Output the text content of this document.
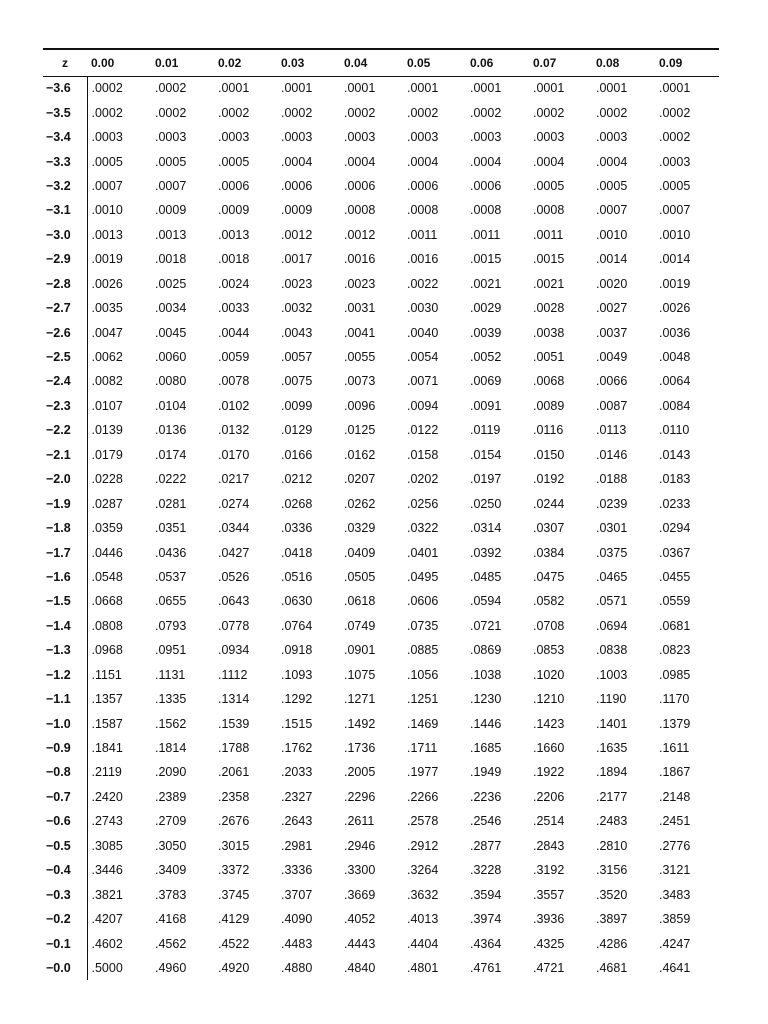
z	0.00	0.01	0.02	0.03	0.04	0.05	0.06	0.07	0.08	0.09
−3.6	.0002	.0002	.0001	.0001	.0001	.0001	.0001	.0001	.0001	.0001
−3.5	.0002	.0002	.0002	.0002	.0002	.0002	.0002	.0002	.0002	.0002
−3.4	.0003	.0003	.0003	.0003	.0003	.0003	.0003	.0003	.0003	.0002
−3.3	.0005	.0005	.0005	.0004	.0004	.0004	.0004	.0004	.0004	.0003
−3.2	.0007	.0007	.0006	.0006	.0006	.0006	.0006	.0005	.0005	.0005
−3.1	.0010	.0009	.0009	.0009	.0008	.0008	.0008	.0008	.0007	.0007
−3.0	.0013	.0013	.0013	.0012	.0012	.0011	.0011	.0011	.0010	.0010
−2.9	.0019	.0018	.0018	.0017	.0016	.0016	.0015	.0015	.0014	.0014
−2.8	.0026	.0025	.0024	.0023	.0023	.0022	.0021	.0021	.0020	.0019
−2.7	.0035	.0034	.0033	.0032	.0031	.0030	.0029	.0028	.0027	.0026
−2.6	.0047	.0045	.0044	.0043	.0041	.0040	.0039	.0038	.0037	.0036
−2.5	.0062	.0060	.0059	.0057	.0055	.0054	.0052	.0051	.0049	.0048
−2.4	.0082	.0080	.0078	.0075	.0073	.0071	.0069	.0068	.0066	.0064
−2.3	.0107	.0104	.0102	.0099	.0096	.0094	.0091	.0089	.0087	.0084
−2.2	.0139	.0136	.0132	.0129	.0125	.0122	.0119	.0116	.0113	.0110
−2.1	.0179	.0174	.0170	.0166	.0162	.0158	.0154	.0150	.0146	.0143
−2.0	.0228	.0222	.0217	.0212	.0207	.0202	.0197	.0192	.0188	.0183
−1.9	.0287	.0281	.0274	.0268	.0262	.0256	.0250	.0244	.0239	.0233
−1.8	.0359	.0351	.0344	.0336	.0329	.0322	.0314	.0307	.0301	.0294
−1.7	.0446	.0436	.0427	.0418	.0409	.0401	.0392	.0384	.0375	.0367
−1.6	.0548	.0537	.0526	.0516	.0505	.0495	.0485	.0475	.0465	.0455
−1.5	.0668	.0655	.0643	.0630	.0618	.0606	.0594	.0582	.0571	.0559
−1.4	.0808	.0793	.0778	.0764	.0749	.0735	.0721	.0708	.0694	.0681
−1.3	.0968	.0951	.0934	.0918	.0901	.0885	.0869	.0853	.0838	.0823
−1.2	.1151	.1131	.1112	.1093	.1075	.1056	.1038	.1020	.1003	.0985
−1.1	.1357	.1335	.1314	.1292	.1271	.1251	.1230	.1210	.1190	.1170
−1.0	.1587	.1562	.1539	.1515	.1492	.1469	.1446	.1423	.1401	.1379
−0.9	.1841	.1814	.1788	.1762	.1736	.1711	.1685	.1660	.1635	.1611
−0.8	.2119	.2090	.2061	.2033	.2005	.1977	.1949	.1922	.1894	.1867
−0.7	.2420	.2389	.2358	.2327	.2296	.2266	.2236	.2206	.2177	.2148
−0.6	.2743	.2709	.2676	.2643	.2611	.2578	.2546	.2514	.2483	.2451
−0.5	.3085	.3050	.3015	.2981	.2946	.2912	.2877	.2843	.2810	.2776
−0.4	.3446	.3409	.3372	.3336	.3300	.3264	.3228	.3192	.3156	.3121
−0.3	.3821	.3783	.3745	.3707	.3669	.3632	.3594	.3557	.3520	.3483
−0.2	.4207	.4168	.4129	.4090	.4052	.4013	.3974	.3936	.3897	.3859
−0.1	.4602	.4562	.4522	.4483	.4443	.4404	.4364	.4325	.4286	.4247
−0.0	.5000	.4960	.4920	.4880	.4840	.4801	.4761	.4721	.4681	.4641
